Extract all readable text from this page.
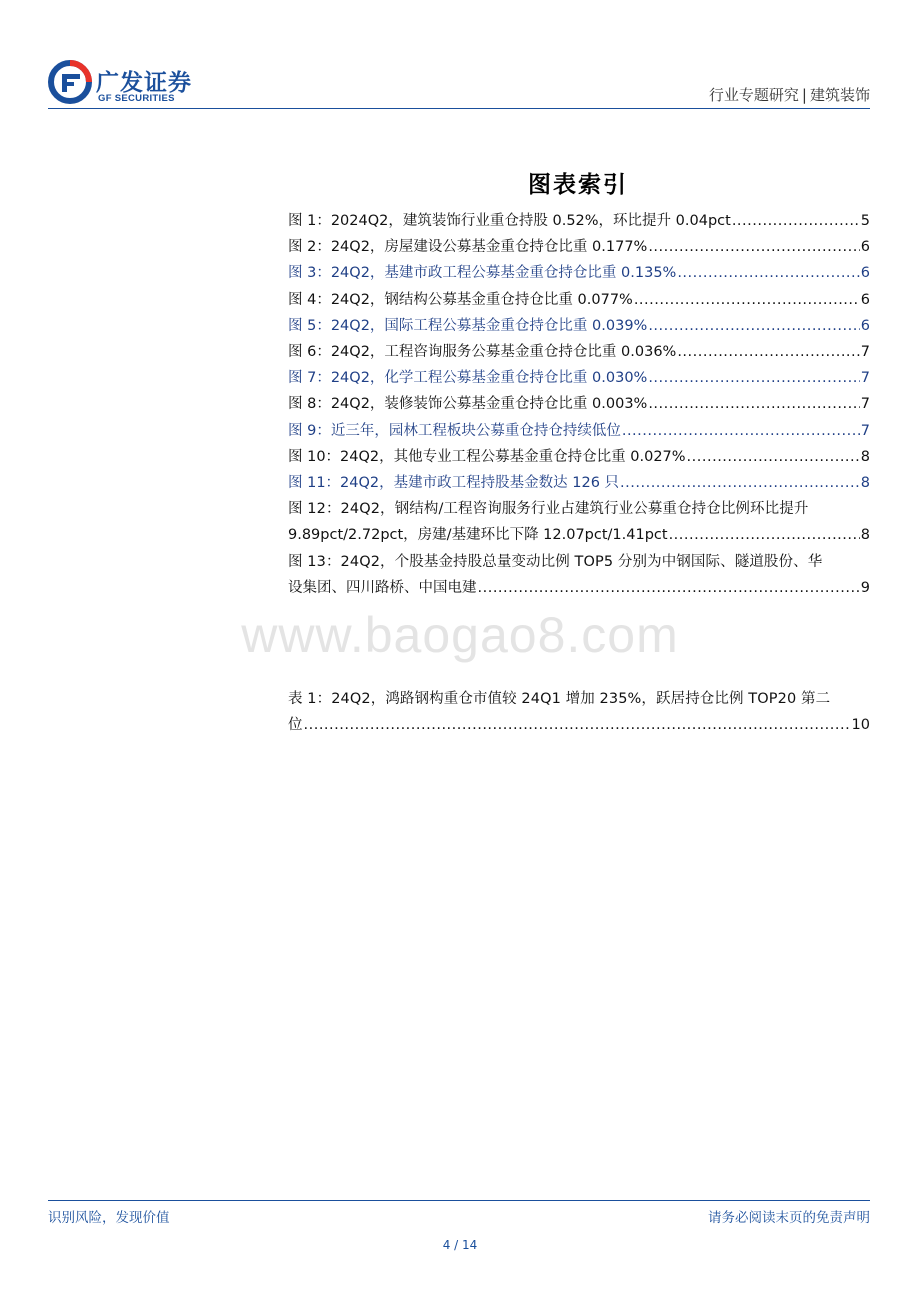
广发证券
GF SECURITIES	行业专题研究 | 建筑装饰
图表索引
图 1：2024Q2，建筑装饰行业重仓持股 0.52%，环比提升 0.04pct .....	5
图 2：24Q2，房屋建设公募基金重仓持仓比重 0.177% .....	6
图 3：24Q2，基建市政工程公募基金重仓持仓比重 0.135% .....	6
图 4：24Q2，钢结构公募基金重仓持仓比重 0.077% .....	6
图 5：24Q2，国际工程公募基金重仓持仓比重 0.039% .....	6
图 6：24Q2，工程咨询服务公募基金重仓持仓比重 0.036% .....	7
图 7：24Q2，化学工程公募基金重仓持仓比重 0.030% .....	7
图 8：24Q2，装修装饰公募基金重仓持仓比重 0.003% .....	7
图 9：近三年，园林工程板块公募重仓持仓持续低位 .....	7
图 10：24Q2，其他专业工程公募基金重仓持仓比重 0.027% .....	8
图 11：24Q2，基建市政工程持股基金数达 126 只 .....	8
图 12：24Q2，钢结构/工程咨询服务行业占建筑行业公募重仓持仓比例环比提升
9.89pct/2.72pct，房建/基建环比下降 12.07pct/1.41pct .....	8
图 13：24Q2，个股基金持股总量变动比例 TOP5 分别为中钢国际、隧道股份、华
设集团、四川路桥、中国电建 .....	9
www.baogao8.com
表 1：24Q2，鸿路钢构重仓市值较 24Q1 增加 235%，跃居持仓比例 TOP20 第二
位 .....	10
识别风险，发现价值	请务必阅读末页的免责声明
4 / 14
